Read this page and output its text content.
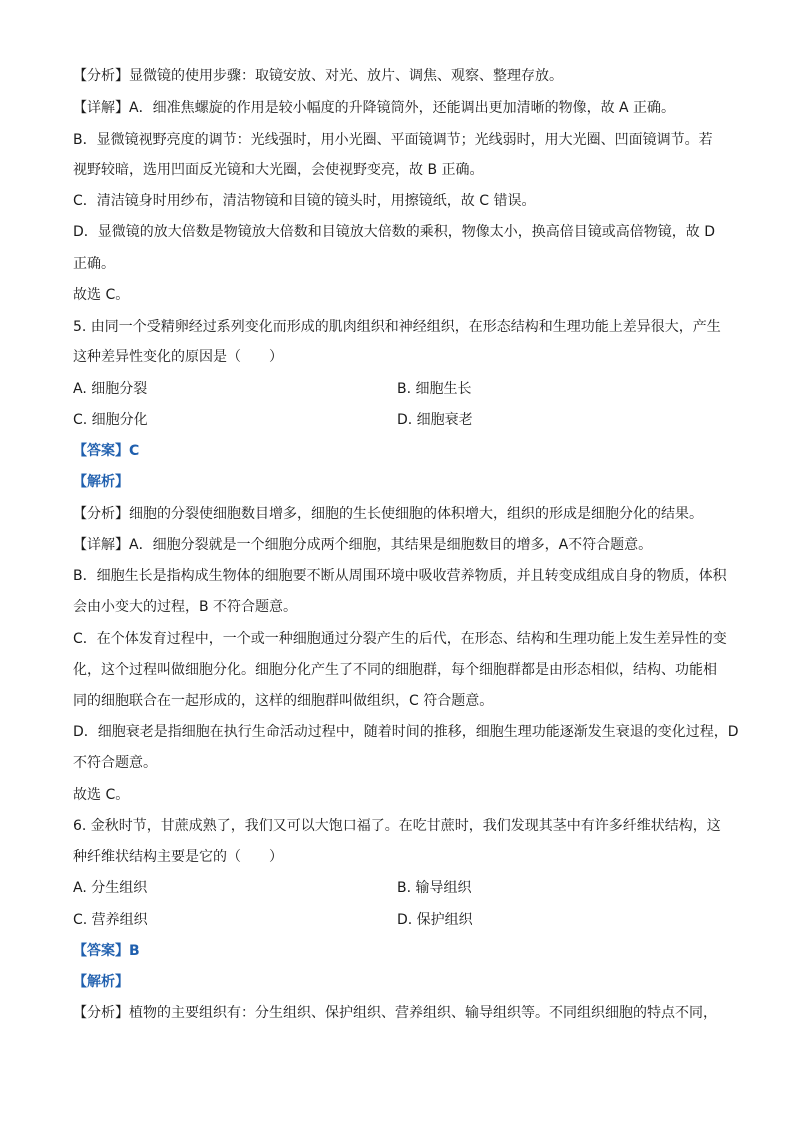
【分析】显微镜的使用步骤：取镜安放、对光、放片、调焦、观察、整理存放。
【详解】A．细准焦螺旋的作用是较小幅度的升降镜筒外，还能调出更加清晰的物像，故 A 正确。
B．显微镜视野亮度的调节：光线强时，用小光圈、平面镜调节；光线弱时，用大光圈、凹面镜调节。若
视野较暗，选用凹面反光镜和大光圈，会使视野变亮，故 B 正确。
C．清洁镜身时用纱布，清洁物镜和目镜的镜头时，用擦镜纸，故 C 错误。
D．显微镜的放大倍数是物镜放大倍数和目镜放大倍数的乘积，物像太小，换高倍目镜或高倍物镜，故 D
正确。
故选 C。
5. 由同一个受精卵经过系列变化而形成的肌肉组织和神经组织，在形态结构和生理功能上差异很大，产生
这种差异性变化的原因是（　　）
A. 细胞分裂	B. 细胞生长
C. 细胞分化	D. 细胞衰老
【答案】C
【解析】
【分析】细胞的分裂使细胞数目增多，细胞的生长使细胞的体积增大，组织的形成是细胞分化的结果。
【详解】A．细胞分裂就是一个细胞分成两个细胞，其结果是细胞数目的增多，A不符合题意。
B．细胞生长是指构成生物体的细胞要不断从周围环境中吸收营养物质，并且转变成组成自身的物质，体积
会由小变大的过程，B 不符合题意。
C．在个体发育过程中，一个或一种细胞通过分裂产生的后代，在形态、结构和生理功能上发生差异性的变
化，这个过程叫做细胞分化。细胞分化产生了不同的细胞群，每个细胞群都是由形态相似，结构、功能相
同的细胞联合在一起形成的，这样的细胞群叫做组织，C 符合题意。
D．细胞衰老是指细胞在执行生命活动过程中，随着时间的推移，细胞生理功能逐渐发生衰退的变化过程，D
不符合题意。
故选 C。
6. 金秋时节，甘蔗成熟了，我们又可以大饱口福了。在吃甘蔗时，我们发现其茎中有许多纤维状结构，这
种纤维状结构主要是它的（　　）
A. 分生组织	B. 输导组织
C. 营养组织	D. 保护组织
【答案】B
【解析】
【分析】植物的主要组织有：分生组织、保护组织、营养组织、输导组织等。不同组织细胞的特点不同，
